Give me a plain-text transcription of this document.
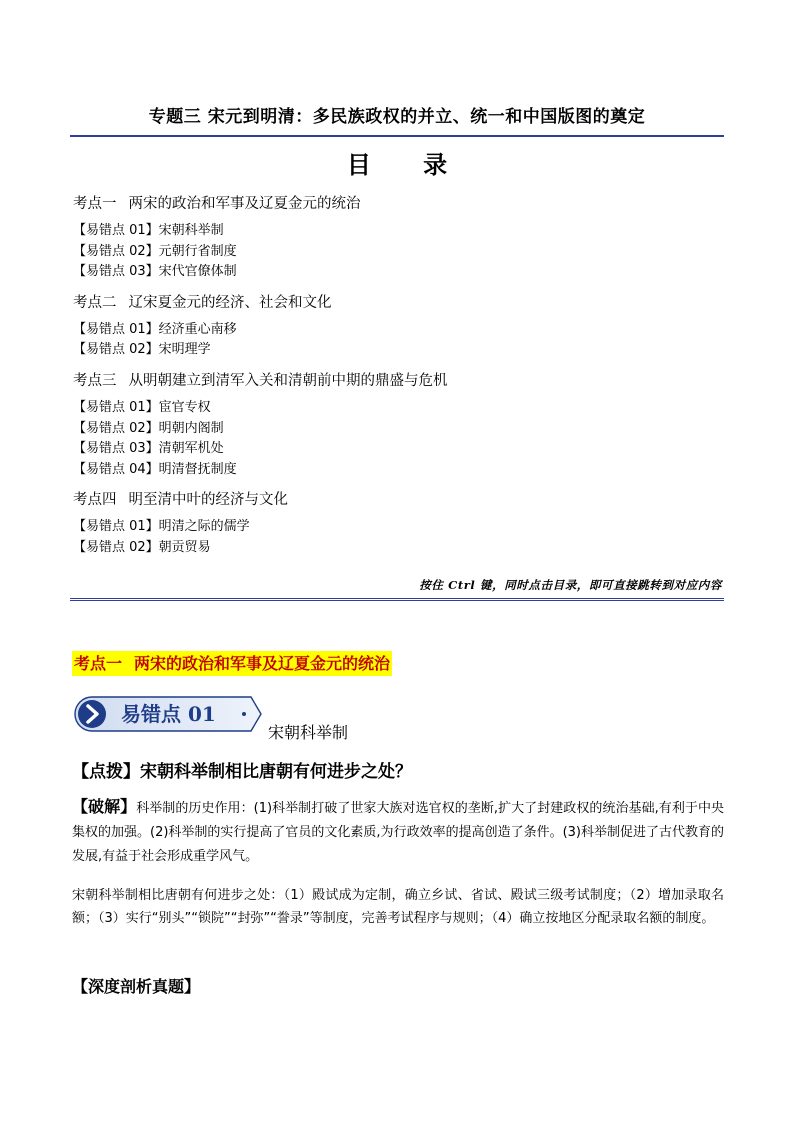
专题三 宋元到明清：多民族政权的并立、统一和中国版图的奠定
目 录
考点一 两宋的政治和军事及辽夏金元的统治
【易错点 01】宋朝科举制
【易错点 02】元朝行省制度
【易错点 03】宋代官僚体制
考点二 辽宋夏金元的经济、社会和文化
【易错点 01】经济重心南移
【易错点 02】宋明理学
考点三 从明朝建立到清军入关和清朝前中期的鼎盛与危机
【易错点 01】宦官专权
【易错点 02】明朝内阁制
【易错点 03】清朝军机处
【易错点 04】明清督抚制度
考点四 明至清中叶的经济与文化
【易错点 01】明清之际的儒学
【易错点 02】朝贡贸易
按住 Ctrl 键，同时点击目录，即可直接跳转到对应内容
考点一 两宋的政治和军事及辽夏金元的统治
易错点 01
宋朝科举制
【点拨】宋朝科举制相比唐朝有何进步之处？
【破解】科举制的历史作用：(1)科举制打破了世家大族对选官权的垄断,扩大了封建政权的统治基础,有利于中央集权的加强。(2)科举制的实行提高了官员的文化素质,为行政效率的提高创造了条件。(3)科举制促进了古代教育的发展,有益于社会形成重学风气。
宋朝科举制相比唐朝有何进步之处：（1）殿试成为定制，确立乡试、省试、殿试三级考试制度；（2）增加录取名额；（3）实行“别头”“锁院”“封弥”“誊录”等制度，完善考试程序与规则；（4）确立按地区分配录取名额的制度。
【深度剖析真题】
